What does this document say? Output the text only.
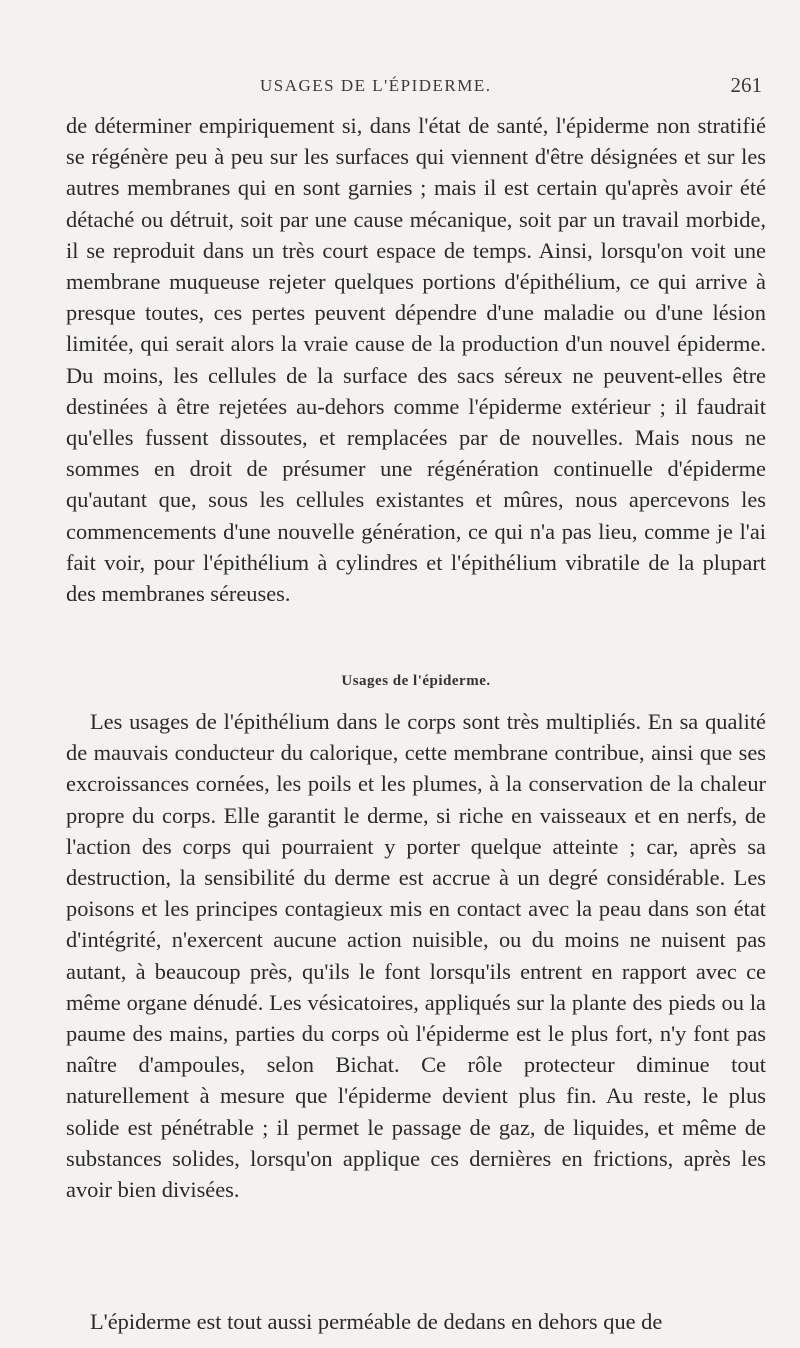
USAGES DE L'ÉPIDERME.	261

de déterminer empiriquement si, dans l'état de santé, l'épiderme non stratifié se régénère peu à peu sur les surfaces qui viennent d'être désignées et sur les autres membranes qui en sont garnies ; mais il est certain qu'après avoir été détaché ou détruit, soit par une cause mécanique, soit par un travail morbide, il se reproduit dans un très court espace de temps. Ainsi, lorsqu'on voit une membrane muqueuse rejeter quelques portions d'épithélium, ce qui arrive à presque toutes, ces pertes peuvent dépendre d'une maladie ou d'une lésion limitée, qui serait alors la vraie cause de la production d'un nouvel épiderme. Du moins, les cellules de la surface des sacs séreux ne peuvent-elles être destinées à être rejetées au-dehors comme l'épiderme extérieur ; il faudrait qu'elles fussent dissoutes, et remplacées par de nouvelles. Mais nous ne sommes en droit de présumer une régénération continuelle d'épiderme qu'autant que, sous les cellules existantes et mûres, nous apercevons les commencements d'une nouvelle génération, ce qui n'a pas lieu, comme je l'ai fait voir, pour l'épithélium à cylindres et l'épithélium vibratile de la plupart des membranes séreuses.

Usages de l'épiderme.

Les usages de l'épithélium dans le corps sont très multipliés. En sa qualité de mauvais conducteur du calorique, cette membrane contribue, ainsi que ses excroissances cornées, les poils et les plumes, à la conservation de la chaleur propre du corps. Elle garantit le derme, si riche en vaisseaux et en nerfs, de l'action des corps qui pourraient y porter quelque atteinte ; car, après sa destruction, la sensibilité du derme est accrue à un degré considérable. Les poisons et les principes contagieux mis en contact avec la peau dans son état d'intégrité, n'exercent aucune action nuisible, ou du moins ne nuisent pas autant, à beaucoup près, qu'ils le font lorsqu'ils entrent en rapport avec ce même organe dénudé. Les vésicatoires, appliqués sur la plante des pieds ou la paume des mains, parties du corps où l'épiderme est le plus fort, n'y font pas naître d'ampoules, selon Bichat. Ce rôle protecteur diminue tout naturellement à mesure que l'épiderme devient plus fin. Au reste, le plus solide est pénétrable ; il permet le passage de gaz, de liquides, et même de substances solides, lorsqu'on applique ces dernières en frictions, après les avoir bien divisées.

L'épiderme est tout aussi perméable de dedans en dehors que de
